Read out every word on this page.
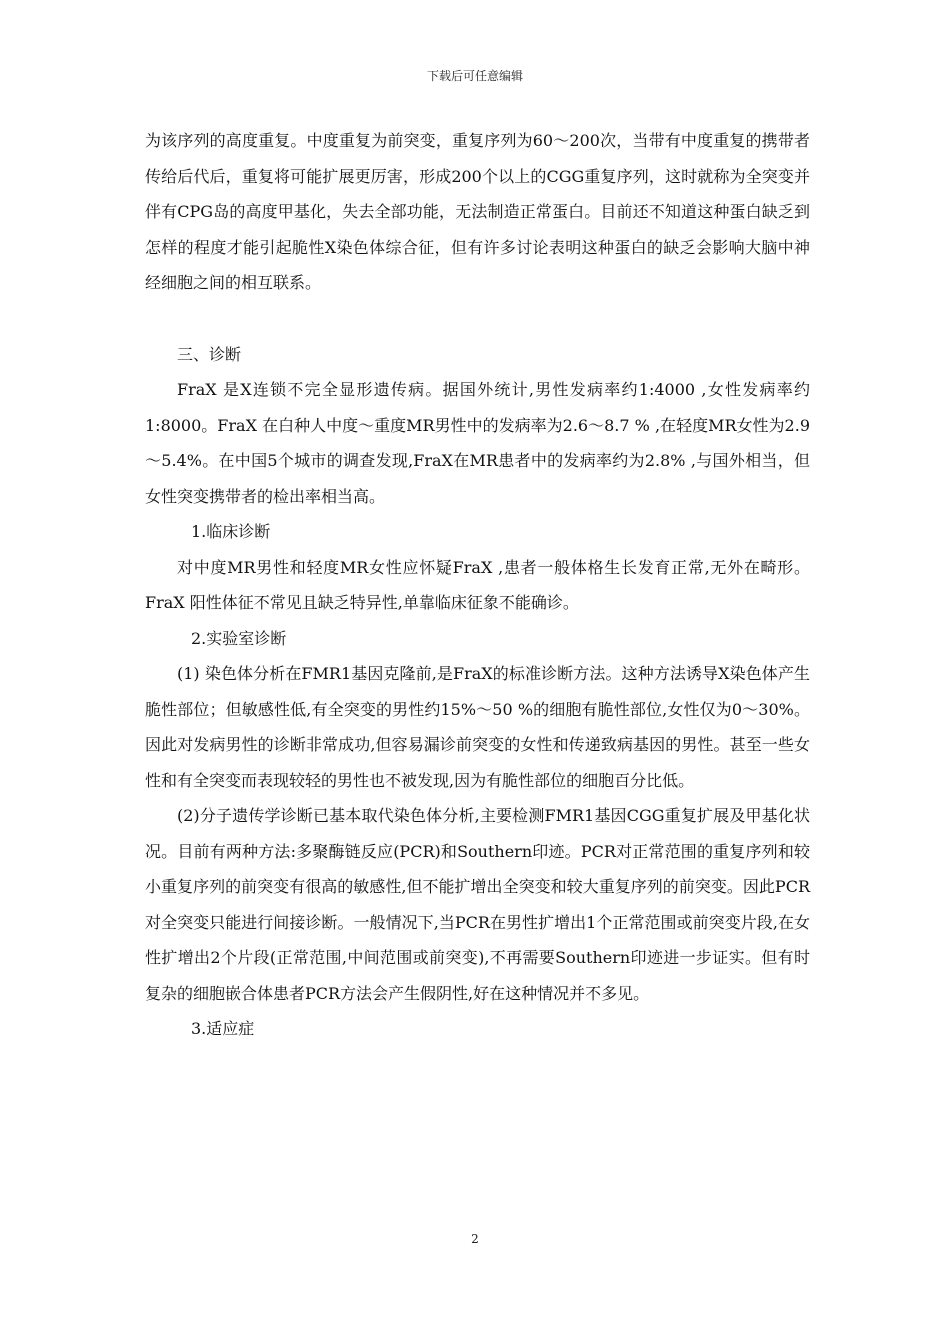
下载后可任意编辑

为该序列的高度重复。中度重复为前突变，重复序列为60～200次，当带有中度重复的携带者传给后代后，重复将可能扩展更厉害，形成200个以上的CGG重复序列，这时就称为全突变并伴有CPG岛的高度甲基化，失去全部功能，无法制造正常蛋白。目前还不知道这种蛋白缺乏到怎样的程度才能引起脆性X染色体综合征，但有许多讨论表明这种蛋白的缺乏会影响大脑中神经细胞之间的相互联系。

三、诊断

FraX 是X连锁不完全显形遗传病。据国外统计,男性发病率约1:4000 ,女性发病率约1:8000。FraX 在白种人中度～重度MR男性中的发病率为2.6～8.7 % ,在轻度MR女性为2.9～5.4%。在中国5个城市的调查发现,FraX在MR患者中的发病率约为2.8% ,与国外相当，但女性突变携带者的检出率相当高。

1.临床诊断

对中度MR男性和轻度MR女性应怀疑FraX ,患者一般体格生长发育正常,无外在畸形。FraX 阳性体征不常见且缺乏特异性,单靠临床征象不能确诊。

2.实验室诊断

(1) 染色体分析在FMR1基因克隆前,是FraX的标准诊断方法。这种方法诱导X染色体产生脆性部位；但敏感性低,有全突变的男性约15%～50 %的细胞有脆性部位,女性仅为0～30%。因此对发病男性的诊断非常成功,但容易漏诊前突变的女性和传递致病基因的男性。甚至一些女性和有全突变而表现较轻的男性也不被发现,因为有脆性部位的细胞百分比低。

(2)分子遗传学诊断已基本取代染色体分析,主要检测FMR1基因CGG重复扩展及甲基化状况。目前有两种方法:多聚酶链反应(PCR)和Southern印迹。PCR对正常范围的重复序列和较小重复序列的前突变有很高的敏感性,但不能扩增出全突变和较大重复序列的前突变。因此PCR对全突变只能进行间接诊断。一般情况下,当PCR在男性扩增出1个正常范围或前突变片段,在女性扩增出2个片段(正常范围,中间范围或前突变),不再需要Southern印迹进一步证实。但有时复杂的细胞嵌合体患者PCR方法会产生假阴性,好在这种情况并不多见。

3.适应症

2
